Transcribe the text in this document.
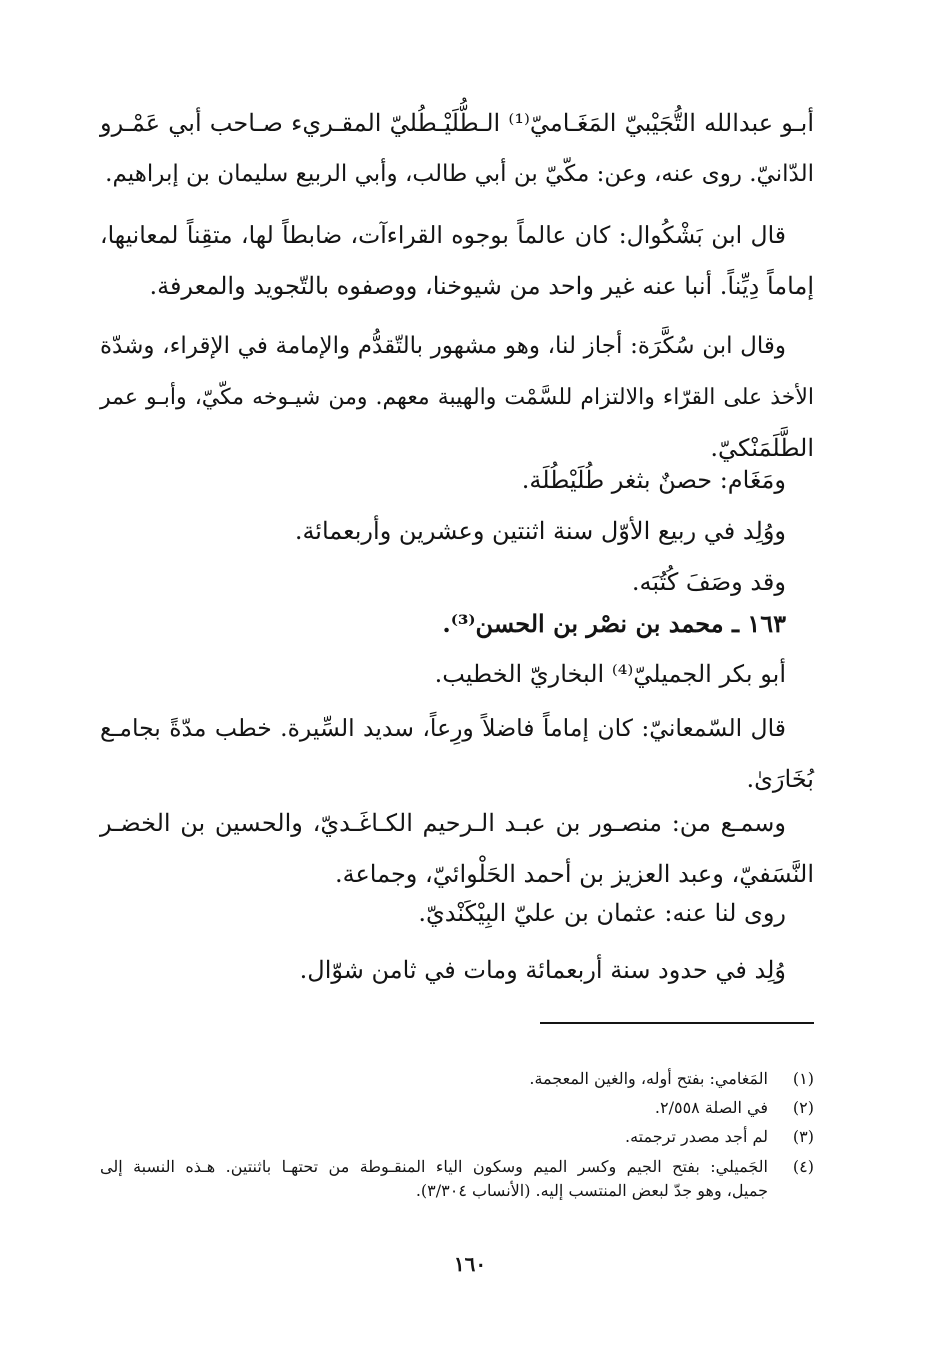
أبـو عبدالله التُّجَيْبيّ المَغَـاميّ⁽¹⁾ الـطُّلَيْـطُليّ المقـريء صـاحب أبي عَمْـرو
الدّانيّ. روى عنه، وعن: مكّيّ بن أبي طالب، وأبي الربيع سليمان بن إبراهيم.

قال ابن بَشْكُوال: كان عالماً بوجوه القراءآت، ضابطاً لها، متقِناً لمعانيها،
إماماً دِيِّناً. أنبا عنه غير واحد من شيوخنا، ووصفوه بالتّجويد والمعرفة.

وقال ابن سُكَّرَة: أجاز لنا، وهو مشهور بالتّقدُّم والإمامة في الإقراء، وشدّة
الأخذ على القرّاء والالتزام للسَّمْت والهيبة معهم. ومن شيـوخه مكّيّ، وأبـو عمر
الطَّلَمَنْكيّ.

ومَغَام: حصنٌ بثغر طُلَيْطُلَة.
ووُلِد في ربيع الأوّل سنة اثنتين وعشرين وأربعمائة.
وقد وصَفَ كُتُبَه.

١٦٣ ـ محمد بن نصْر بن الحسن⁽³⁾.
أبو بكر الجميليّ⁽⁴⁾ البخاريّ الخطيب.

قال السّمعانيّ: كان إماماً فاضلاً ورِعاً، سديد السِّيرة. خطب مدّةً بجامـع
بُخَارَىٰ.

وسمـع من: منصـور بن عبـد الـرحيم الكـاغَـديّ، والحسين بن الخضـر
النَّسَفيّ، وعبد العزيز بن أحمد الحَلْوائيّ، وجماعة.

روى لنا عنه: عثمان بن عليّ البِيْكَنْديّ.

وُلِد في حدود سنة أربعمائة ومات في ثامن شوّال.

(١)
المَغامي: بفتح أوله، والغين المعجمة.
(٢)
في الصلة ٢/٥٥٨.
(٣)
لم أجد مصدر ترجمته.
(٤)
الجَميلي: بفتح الجيم وكسر الميم وسكون الياء المنقـوطة من تحتهـا باثنتين. هـذه النسبة إلى
جميل، وهو جدّ لبعض المنتسب إليه. (الأنساب ٣/٣٠٤).
١٦٠
